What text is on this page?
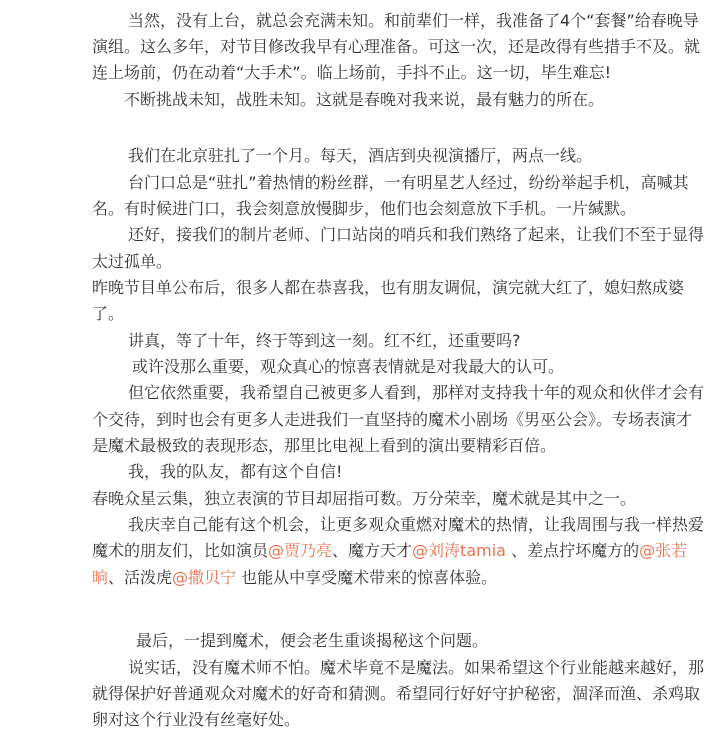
当然，没有上台，就总会充满未知。和前辈们一样，我准备了4个“套餐”给春晚导
演组。这么多年，对节目修改我早有心理准备。可这一次，还是改得有些措手不及。就
连上场前，仍在动着“大手术”。临上场前，手抖不止。这一切，毕生难忘!
不断挑战未知，战胜未知。这就是春晚对我来说，最有魅力的所在。
我们在北京驻扎了一个月。每天，酒店到央视演播厅，两点一线。
台门口总是“驻扎”着热情的粉丝群，一有明星艺人经过，纷纷举起手机，高喊其
名。有时候进门口，我会刻意放慢脚步，他们也会刻意放下手机。一片缄默。
还好，接我们的制片老师、门口站岗的哨兵和我们熟络了起来，让我们不至于显得
太过孤单。
昨晚节目单公布后，很多人都在恭喜我，也有朋友调侃，演完就大红了，媳妇熬成婆
了。
讲真，等了十年，终于等到这一刻。红不红，还重要吗?
或许没那么重要，观众真心的惊喜表情就是对我最大的认可。
但它依然重要，我希望自己被更多人看到，那样对支持我十年的观众和伙伴才会有
个交待，到时也会有更多人走进我们一直坚持的魔术小剧场《男巫公会》。专场表演才
是魔术最极致的表现形态，那里比电视上看到的演出要精彩百倍。
我，我的队友，都有这个自信!
春晚众星云集，独立表演的节目却屈指可数。万分荣幸，魔术就是其中之一。
我庆幸自己能有这个机会，让更多观众重燃对魔术的热情，让我周围与我一样热爱
魔术的朋友们，比如演员@贾乃亮、魔方天才@刘涛tamia 、差点拧坏魔方的@张若
晌、活泼虎@撒贝宁 也能从中享受魔术带来的惊喜体验。
最后，一提到魔术，便会老生重谈揭秘这个问题。
说实话，没有魔术师不怕。魔术毕竟不是魔法。如果希望这个行业能越来越好，那
就得保护好普通观众对魔术的好奇和猜测。希望同行好好守护秘密，涸泽而渔、杀鸡取
卵对这个行业没有丝毫好处。
